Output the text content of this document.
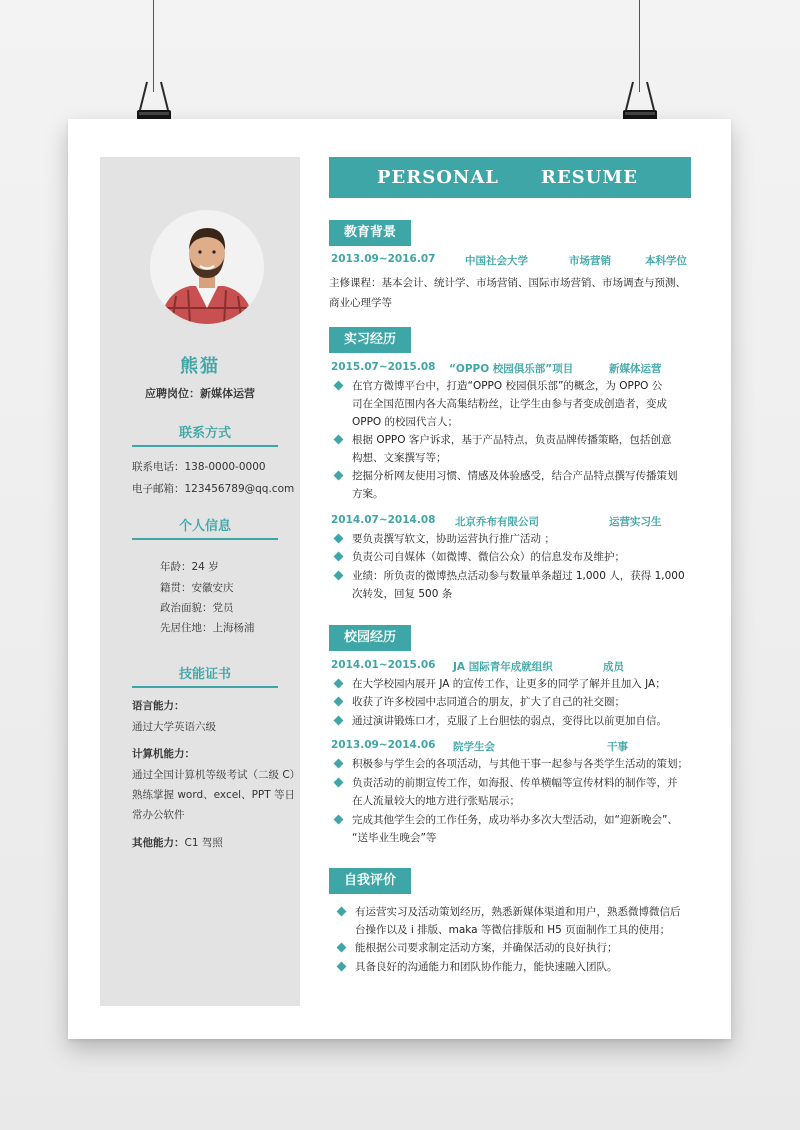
熊猫
应聘岗位：新媒体运营
联系方式
联系电话：138-0000-0000
电子邮箱：123456789@qq.com
个人信息
年龄：24 岁
籍贯：安徽安庆
政治面貌：党员
先居住地：上海杨浦
技能证书
语言能力：
通过大学英语六级
计算机能力：
通过全国计算机等级考试（二级 C）
熟练掌握 word、excel、PPT 等日
常办公软件
其他能力：C1 驾照
PERSONAL RESUME
教育背景
2013.09~2016.07	中国社会大学	市场营销	本科学位
主修课程：基本会计、统计学、市场营销、国际市场营销、市场调查与预测、
商业心理学等
实习经历
2015.07~2015.08 “OPPO 校园俱乐部”项目	新媒体运营
在官方微博平台中，打造“OPPO 校园俱乐部”的概念，为 OPPO 公
司在全国范围内各大高集结粉丝，让学生由参与者变成创造者，变成
OPPO 的校园代言人；
根据 OPPO 客户诉求，基于产品特点，负责品牌传播策略，包括创意
构想、文案撰写等；
挖掘分析网友使用习惯、情感及体验感受，结合产品特点撰写传播策划
方案。
2014.07~2014.08 北京乔布有限公司	运营实习生
要负责撰写软文，协助运营执行推广活动 ；
负责公司自媒体（如微博、微信公众）的信息发布及维护；
业绩：所负责的微博热点活动参与数量单条超过 1,000 人，获得 1,000
次转发，回复 500 条
校园经历
2014.01~2015.06 JA 国际青年成就组织	成员
在大学校园内展开 JA 的宣传工作，让更多的同学了解并且加入 JA；
收获了许多校园中志同道合的朋友，扩大了自己的社交圈；
通过演讲锻炼口才，克服了上台胆怯的弱点，变得比以前更加自信。
2013.09~2014.06 院学生会	干事
积极参与学生会的各项活动，与其他干事一起参与各类学生活动的策划；
负责活动的前期宣传工作，如海报、传单横幅等宣传材料的制作等，并
在人流量较大的地方进行张贴展示；
完成其他学生会的工作任务，成功举办多次大型活动，如“迎新晚会”、
“送毕业生晚会”等
自我评价
有运营实习及活动策划经历，熟悉新媒体渠道和用户，熟悉微博微信后
台操作以及 i 排版、maka 等微信排版和 H5 页面制作工具的使用；
能根据公司要求制定活动方案，并确保活动的良好执行；
具备良好的沟通能力和团队协作能力，能快速融入团队。
